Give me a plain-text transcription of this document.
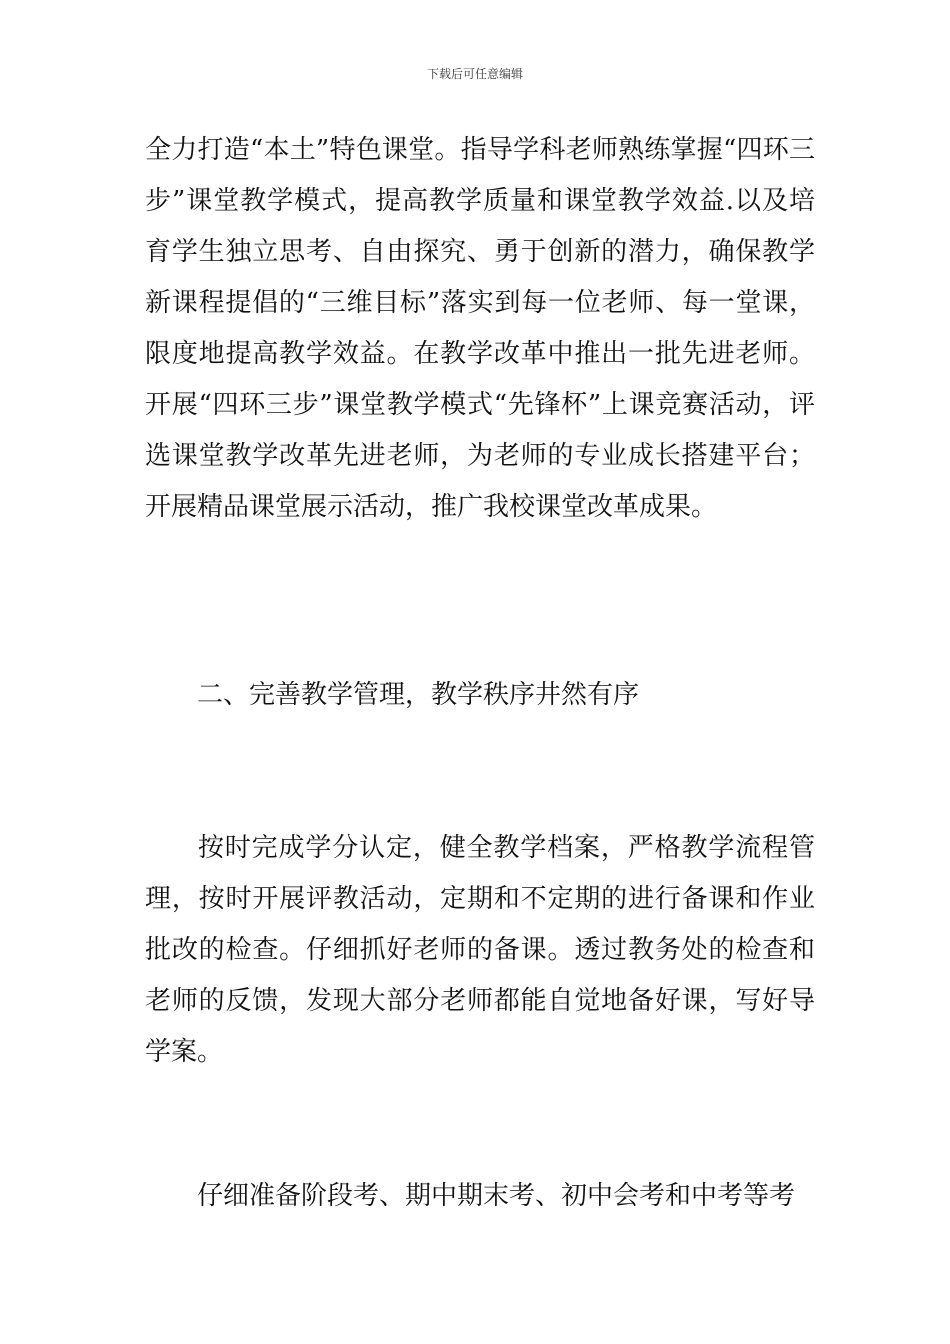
下载后可任意编辑

全力打造“本土”特色课堂。指导学科老师熟练掌握“四环三步”课堂教学模式，提高教学质量和课堂教学效益.以及培育学生独立思考、自由探究、勇于创新的潜力，确保教学新课程提倡的“三维目标”落实到每一位老师、每一堂课，限度地提高教学效益。在教学改革中推出一批先进老师。开展“四环三步”课堂教学模式“先锋杯”上课竞赛活动，评选课堂教学改革先进老师，为老师的专业成长搭建平台；开展精品课堂展示活动，推广我校课堂改革成果。

二、完善教学管理，教学秩序井然有序

按时完成学分认定，健全教学档案，严格教学流程管理，按时开展评教活动，定期和不定期的进行备课和作业批改的检查。仔细抓好老师的备课。透过教务处的检查和老师的反馈，发现大部分老师都能自觉地备好课，写好导学案。

仔细准备阶段考、期中期末考、初中会考和中考等考
